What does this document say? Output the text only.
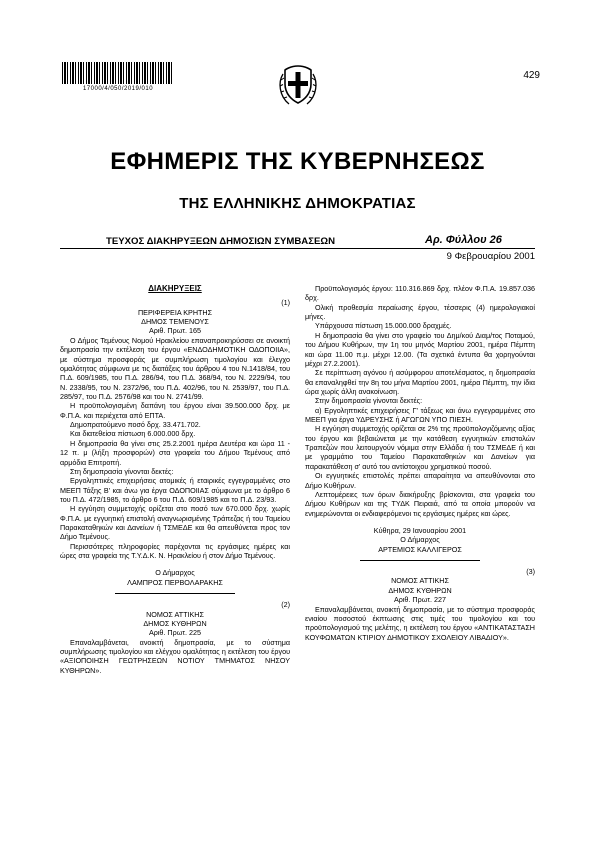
17000/4/050/2019/010
429
ΕΦΗΜΕΡΙΣ ΤΗΣ ΚΥΒΕΡΝΗΣΕΩΣ
ΤΗΣ ΕΛΛΗΝΙΚΗΣ ΔΗΜΟΚΡΑΤΙΑΣ
ΤΕΥΧΟΣ ΔΙΑΚΗΡΥΞΕΩΝ ΔΗΜΟΣΙΩΝ ΣΥΜΒΑΣΕΩΝ	Αρ. Φύλλου 26
9 Φεβρουαρίου 2001
ΔΙΑΚΗΡΥΞΕΙΣ

(1)

ΠΕΡΙΦΕΡΕΙΑ ΚΡΗΤΗΣ

ΔΗΜΟΣ ΤΕΜΕΝΟΥΣ

Αριθ. Πρωτ. 165

Ο Δήμος Τεμένους Νομού Ηρακλείου επαναπροκηρύσσει σε ανοικτή δημοπρασία την εκτέλεση του έργου «ΕΝΔΟΔΗΜΟΤΙΚΗ ΟΔΟΠΟΙΙΑ», με σύστημα προσφοράς με συμπλήρωση τιμολογίου και έλεγχο ομαλότητας σύμφωνα με τις διατάξεις του άρθρου 4 του Ν.1418/84, του Π.Δ. 609/1985, του Π.Δ. 286/94, του Π.Δ. 368/94, του Ν. 2229/94, του Ν. 2338/95, του Ν. 2372/96, του Π.Δ. 402/96, του Ν. 2539/97, του Π.Δ. 285/97, του Π.Δ. 2576/98 και του Ν. 2741/99.

Η προϋπολογισμένη δαπάνη του έργου είναι 39.500.000 δρχ. με Φ.Π.Α. και περιέχεται από ΕΠΤΑ.

Δημοπρατούμενο ποσό δρχ. 33.471.702.

Και διατεθείσα πίστωση 6.000.000 δρχ.

Η δημοπρασία θα γίνει στις 25.2.2001 ημέρα Δευτέρα και ώρα 11 - 12 π. μ (λήξη προσφορών) στα γραφεία του Δήμου Τεμένους από αρμόδια Επιτροπή.

Στη δημοπρασία γίνονται δεκτές:

Εργοληπτικές επιχειρήσεις ατομικές ή εταιρικές εγγεγραμμένες στο ΜΕΕΠ Τάξης Β' και άνω για έργα ΟΔΟΠΟΙΙΑΣ σύμφωνα με το άρθρο 6 του Π.Δ. 472/1985, το άρθρο 6 του Π.Δ. 609/1985 και το Π.Δ. 23/93.

Η εγγύηση συμμετοχής ορίζεται στο ποσό των 670.000 δρχ. χωρίς Φ.Π.Α. με εγγυητική επιστολή αναγνωρισμένης Τράπεζας ή του Ταμείου Παρακαταθηκών και Δανείων ή ΤΣΜΕΔΕ και θα απευθύνεται προς τον Δήμο Τεμένους.

Περισσότερες πληροφορίες παρέχονται τις εργάσιμες ημέρες και ώρες στα γραφεία της Τ.Υ.Δ.Κ. Ν. Ηρακλείου ή στον Δήμο Τεμένους.

Ο Δήμαρχος

ΛΑΜΠΡΟΣ ΠΕΡΒΟΛΑΡΑΚΗΣ

(2)

ΝΟΜΟΣ ΑΤΤΙΚΗΣ

ΔΗΜΟΣ ΚΥΘΗΡΩΝ

Αριθ. Πρωτ. 225

Επαναλαμβάνεται, ανοικτή δημοπρασία, με το σύστημα συμπλήρωσης τιμολογίου και ελέγχου ομαλότητας η εκτέλεση του έργου «ΑΞΙΟΠΟΙΗΣΗ ΓΕΩΤΡΗΣΕΩΝ ΝΟΤΙΟΥ ΤΜΗΜΑΤΟΣ ΝΗΣΟΥ ΚΥΘΗΡΩΝ».

Προϋπολογισμός έργου: 110.316.869 δρχ. πλέον Φ.Π.Α. 19.857.036 δρχ.

Ολική προθεσμία περαίωσης έργου, τέσσερις (4) ημερολογιακοί μήνες.

Υπάρχουσα πίστωση 15.000.000 δραχμές.

Η δημοπρασία θα γίνει στο γραφείο του Δημ/κού Διαμ/τος Ποταμού, του Δήμου Κυθήρων, την 1η του μηνός Μαρτίου 2001, ημέρα Πέμπτη και ώρα 11.00 π.μ. μέχρι 12.00. (Τα σχετικά έντυπα θα χορηγούνται μέχρι 27.2.2001).

Σε περίπτωση αγόνου ή ασύμφορου αποτελέσματος, η δημοπρασία θα επαναληφθεί την 8η του μήνα Μαρτίου 2001, ημέρα Πέμπτη, την ίδια ώρα χωρίς άλλη ανακοίνωση.

Στην δημοπρασία γίνονται δεκτές:

α) Εργοληπτικές επιχειρήσεις Γ' τάξεως και άνω εγγεγραμμένες στο ΜΕΕΠ για έργα ΥΔΡΕΥΣΗΣ ή ΑΓΩΓΩΝ ΥΠΟ ΠΙΕΣΗ.

Η εγγύηση συμμετοχής ορίζεται σε 2% της προϋπολογιζόμενης αξίας του έργου και βεβαιώνεται με την κατάθεση εγγυητικών επιστολών Τραπεζών που λειτουργούν νόμιμα στην Ελλάδα ή του ΤΣΜΕΔΕ ή και με γραμμάτιο του Ταμείου Παρακαταθηκών και Δανείων για παρακατάθεση σ' αυτό του αντίστοιχου χρηματικού ποσού.

Οι εγγυητικές επιστολές πρέπει απαραίτητα να απευθύνονται στο Δήμο Κυθήρων.

Λεπτομέρειες των όρων διακήρυξης βρίσκονται, στα γραφεία του Δήμου Κυθήρων και της ΤΥΔΚ Πειραιά, από τα οποία μπορούν να ενημερώνονται οι ενδιαφερόμενοι τις εργάσιμες ημέρες και ώρες.

Κύθηρα, 29 Ιανουαρίου 2001

Ο Δήμαρχος

ΑΡΤΕΜΙΟΣ ΚΑΛΛΙΓΕΡΟΣ

(3)

ΝΟΜΟΣ ΑΤΤΙΚΗΣ

ΔΗΜΟΣ ΚΥΘΗΡΩΝ

Αριθ. Πρωτ. 227

Επαναλαμβάνεται, ανοικτή δημοπρασία, με το σύστημα προσφοράς ενιαίου ποσοστού έκπτωσης στις τιμές του τιμολογίου και του προϋπολογισμού της μελέτης, η εκτέλεση του έργου «ΑΝΤΙΚΑΤΑΣΤΑΣΗ ΚΟΥΦΩΜΑΤΩΝ ΚΤΙΡΙΟΥ ΔΗΜΟΤΙΚΟΥ ΣΧΟΛΕΙΟΥ ΛΙΒΑΔΙΟΥ».
